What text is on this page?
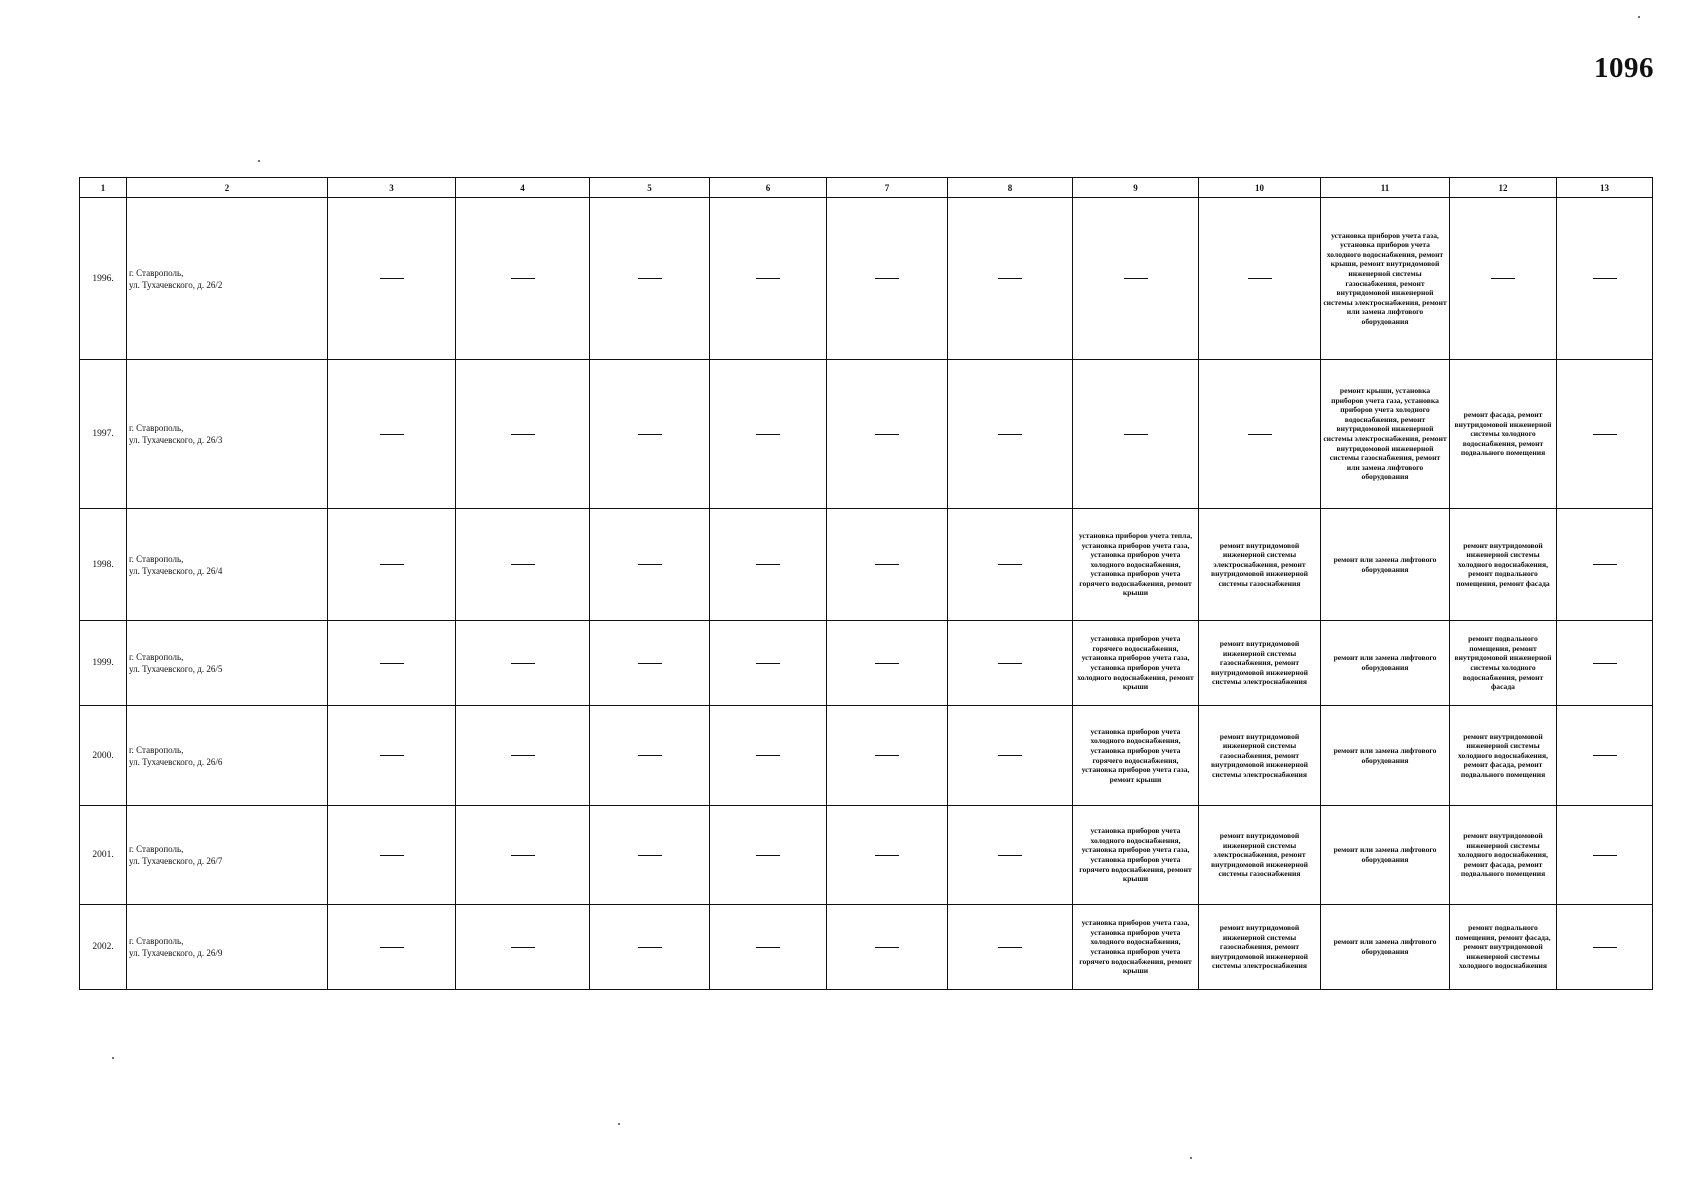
1096
1	2	3	4	5	6	7	8	9	10	11	12	13
1996.	г. Ставрополь,
ул. Тухачевского, д. 26/2									установка приборов учета газа, установка приборов учета холодного водоснабжения, ремонт крыши, ремонт внутридомовой инженерной системы газоснабжения, ремонт внутридомовой инженерной системы электроснабжения, ремонт или замена лифтового оборудования		
1997.	г. Ставрополь,
ул. Тухачевского, д. 26/3									ремонт крыши, установка приборов учета газа, установка приборов учета холодного водоснабжения, ремонт внутридомовой инженерной системы электроснабжения, ремонт внутридомовой инженерной системы газоснабжения, ремонт или замена лифтового оборудования	ремонт фасада, ремонт внутридомовой инженерной системы холодного водоснабжения, ремонт подвального помещения	
1998.	г. Ставрополь,
ул. Тухачевского, д. 26/4							установка приборов учета тепла, установка приборов учета газа, установка приборов учета холодного водоснабжения, установка приборов учета горячего водоснабжения, ремонт крыши	ремонт внутридомовой инженерной системы электроснабжения, ремонт внутридомовой инженерной системы газоснабжения	ремонт или замена лифтового оборудования	ремонт внутридомовой инженерной системы холодного водоснабжения, ремонт подвального помещения, ремонт фасада	
1999.	г. Ставрополь,
ул. Тухачевского, д. 26/5							установка приборов учета горячего водоснабжения, установка приборов учета газа, установка приборов учета холодного водоснабжения, ремонт крыши	ремонт внутридомовой инженерной системы газоснабжения, ремонт внутридомовой инженерной системы электроснабжения	ремонт или замена лифтового оборудования	ремонт подвального помещения, ремонт внутридомовой инженерной системы холодного водоснабжения, ремонт фасада	
2000.	г. Ставрополь,
ул. Тухачевского, д. 26/6							установка приборов учета холодного водоснабжения, установка приборов учета горячего водоснабжения, установка приборов учета газа, ремонт крыши	ремонт внутридомовой инженерной системы газоснабжения, ремонт внутридомовой инженерной системы электроснабжения	ремонт или замена лифтового оборудования	ремонт внутридомовой инженерной системы холодного водоснабжения, ремонт фасада, ремонт подвального помещения	
2001.	г. Ставрополь,
ул. Тухачевского, д. 26/7							установка приборов учета холодного водоснабжения, установка приборов учета газа, установка приборов учета горячего водоснабжения, ремонт крыши	ремонт внутридомовой инженерной системы электроснабжения, ремонт внутридомовой инженерной системы газоснабжения	ремонт или замена лифтового оборудования	ремонт внутридомовой инженерной системы холодного водоснабжения, ремонт фасада, ремонт подвального помещения	
2002.	г. Ставрополь,
ул. Тухачевского, д. 26/9							установка приборов учета газа, установка приборов учета холодного водоснабжения, установка приборов учета горячего водоснабжения, ремонт крыши	ремонт внутридомовой инженерной системы газоснабжения, ремонт внутридомовой инженерной системы электроснабжения	ремонт или замена лифтового оборудования	ремонт подвального помещения, ремонт фасада, ремонт внутридомовой инженерной системы холодного водоснабжения	
